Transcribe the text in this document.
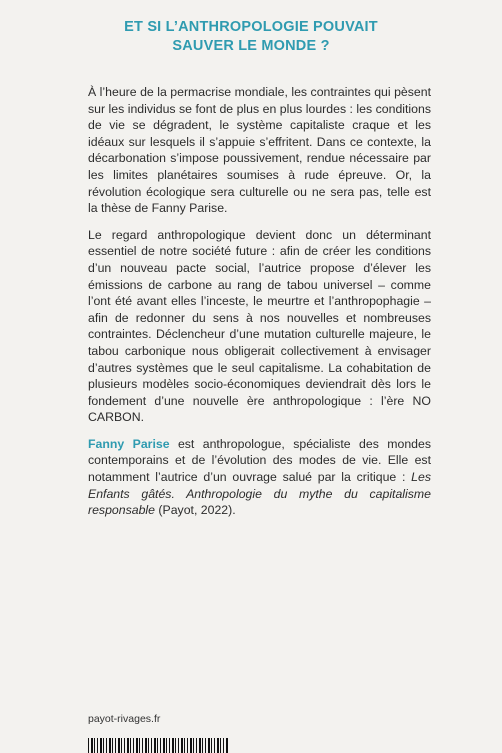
ET SI L’ANTHROPOLOGIE POUVAIT
SAUVER LE MONDE ?

À l’heure de la permacrise mondiale, les contraintes qui pèsent sur les individus se font de plus en plus lourdes : les conditions de vie se dégradent, le système capitaliste craque et les idéaux sur lesquels il s’appuie s’effritent. Dans ce contexte, la décarbonation s’impose poussivement, rendue nécessaire par les limites planétaires soumises à rude épreuve. Or, la révolution écologique sera culturelle ou ne sera pas, telle est la thèse de Fanny Parise.

Le regard anthropologique devient donc un déterminant essentiel de notre société future : afin de créer les conditions d’un nouveau pacte social, l’autrice propose d’élever les émissions de carbone au rang de tabou universel – comme l’ont été avant elles l’inceste, le meurtre et l’anthropophagie – afin de redonner du sens à nos nouvelles et nombreuses contraintes. Déclencheur d’une mutation culturelle majeure, le tabou carbonique nous obligerait collectivement à envisager d’autres systèmes que le seul capitalisme. La cohabitation de plusieurs modèles socio-économiques deviendrait dès lors le fondement d’une nouvelle ère anthropologique : l’ère NO CARBON.

Fanny Parise est anthropologue, spécialiste des mondes contemporains et de l’évolution des modes de vie. Elle est notamment l’autrice d’un ouvrage salué par la critique : Les Enfants gâtés. Anthropologie du mythe du capitalisme responsable (Payot, 2022).

payot-rivages.fr
